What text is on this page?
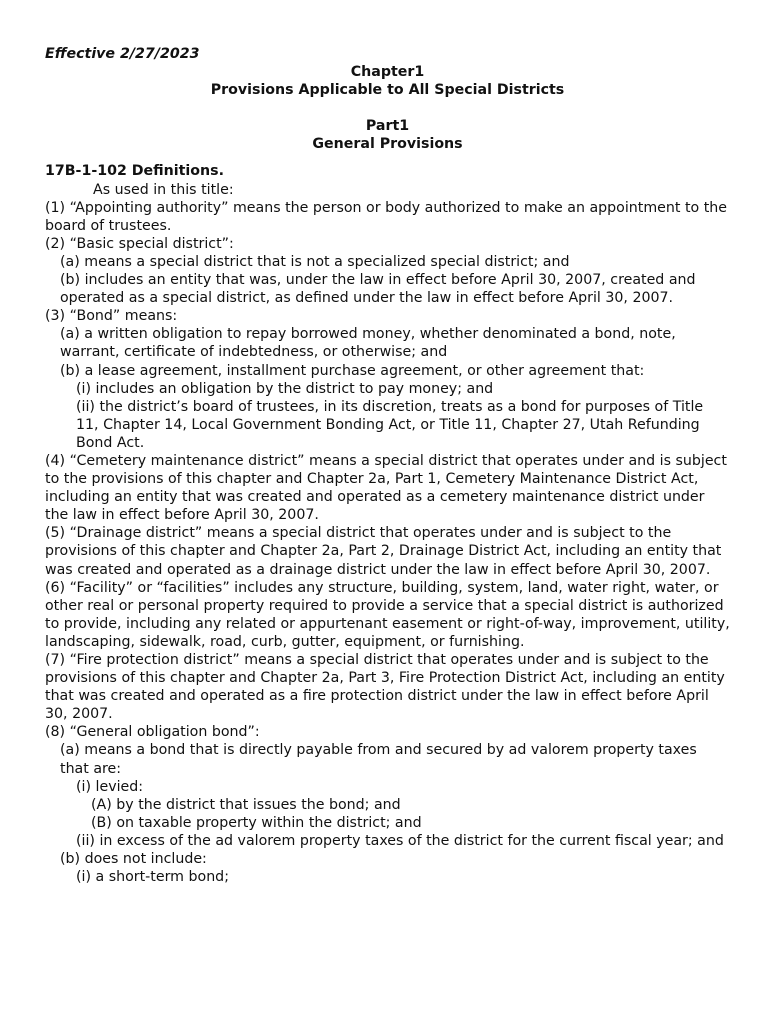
Effective 2/27/2023
Chapter1
Provisions Applicable to All Special Districts
Part1
General Provisions
17B-1-102 Definitions.
As used in this title:
(1) “Appointing authority” means the person or body authorized to make an appointment to the board of trustees.
(2) “Basic special district”:
(a) means a special district that is not a specialized special district; and
(b) includes an entity that was, under the law in effect before April 30, 2007, created and operated as a special district, as defined under the law in effect before April 30, 2007.
(3) “Bond” means:
(a) a written obligation to repay borrowed money, whether denominated a bond, note, warrant, certificate of indebtedness, or otherwise; and
(b) a lease agreement, installment purchase agreement, or other agreement that:
(i) includes an obligation by the district to pay money; and
(ii) the district’s board of trustees, in its discretion, treats as a bond for purposes of Title 11, Chapter 14, Local Government Bonding Act, or Title 11, Chapter 27, Utah Refunding Bond Act.
(4) “Cemetery maintenance district” means a special district that operates under and is subject to the provisions of this chapter and Chapter 2a, Part 1, Cemetery Maintenance District Act, including an entity that was created and operated as a cemetery maintenance district under the law in effect before April 30, 2007.
(5) “Drainage district” means a special district that operates under and is subject to the provisions of this chapter and Chapter 2a, Part 2, Drainage District Act, including an entity that was created and operated as a drainage district under the law in effect before April 30, 2007.
(6) “Facility” or “facilities” includes any structure, building, system, land, water right, water, or other real or personal property required to provide a service that a special district is authorized to provide, including any related or appurtenant easement or right-of-way, improvement, utility, landscaping, sidewalk, road, curb, gutter, equipment, or furnishing.
(7) “Fire protection district” means a special district that operates under and is subject to the provisions of this chapter and Chapter 2a, Part 3, Fire Protection District Act, including an entity that was created and operated as a fire protection district under the law in effect before April 30, 2007.
(8) “General obligation bond”:
(a) means a bond that is directly payable from and secured by ad valorem property taxes that are:
(i) levied:
(A) by the district that issues the bond; and
(B) on taxable property within the district; and
(ii) in excess of the ad valorem property taxes of the district for the current fiscal year; and
(b) does not include:
(i) a short-term bond;
